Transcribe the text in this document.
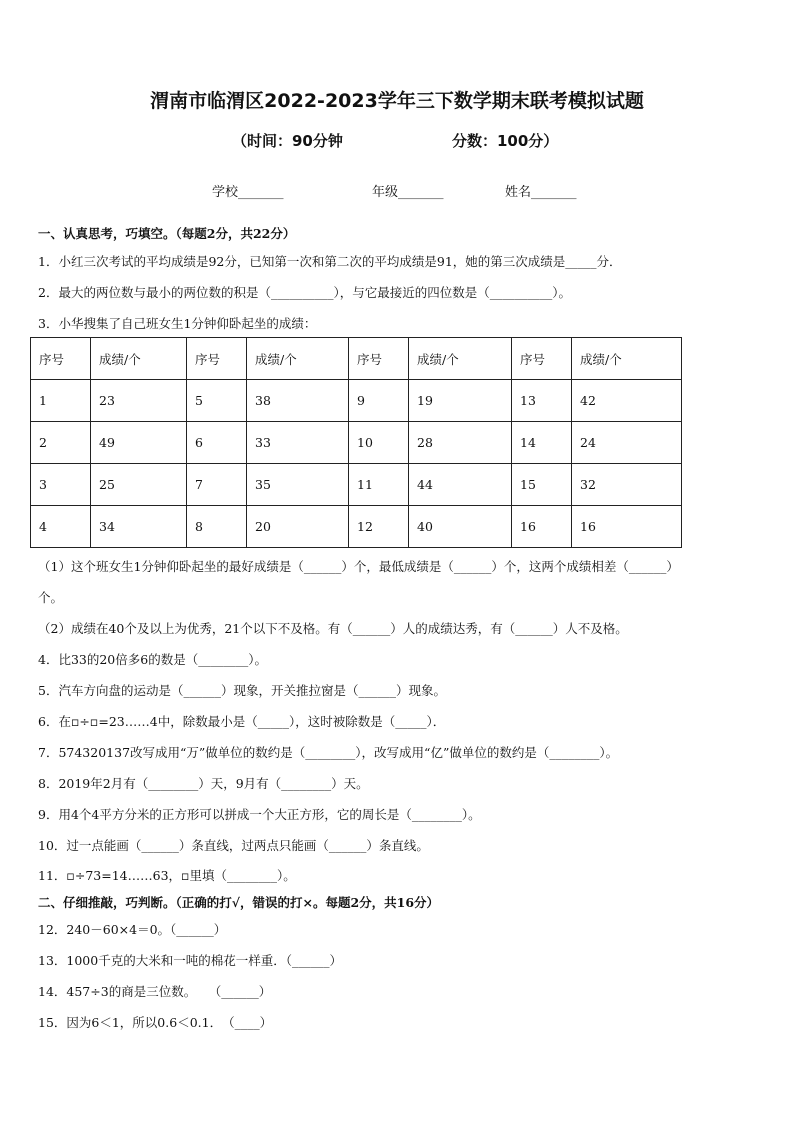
渭南市临渭区2022-2023学年三下数学期末联考模拟试题
（时间：90分钟	分数：100分）
学校_______	年级_______	姓名_______
一、认真思考，巧填空。（每题2分，共22分）
1．小红三次考试的平均成绩是92分，已知第一次和第二次的平均成绩是91，她的第三次成绩是_____分．
2．最大的两位数与最小的两位数的积是（__________），与它最接近的四位数是（__________）。
3．小华搜集了自己班女生1分钟仰卧起坐的成绩：
序号	成绩/个	序号	成绩/个	序号	成绩/个	序号	成绩/个
1	23	5	38	9	19	13	42
2	49	6	33	10	28	14	24
3	25	7	35	11	44	15	32
4	34	8	20	12	40	16	16
（1）这个班女生1分钟仰卧起坐的最好成绩是（______）个，最低成绩是（______）个，这两个成绩相差（______）
个。
（2）成绩在40个及以上为优秀，21个以下不及格。有（______）人的成绩达秀，有（______）人不及格。
4．比33的20倍多6的数是（________）。
5．汽车方向盘的运动是（______）现象，开关推拉窗是（______）现象。
6．在▫÷▫=23……4中，除数最小是（_____），这时被除数是（_____）．
7．574320137改写成用“万”做单位的数约是（________），改写成用“亿”做单位的数约是（________）。
8．2019年2月有（________）天，9月有（________）天。
9．用4个4平方分米的正方形可以拼成一个大正方形，它的周长是（________）。
10．过一点能画（______）条直线，过两点只能画（______）条直线。
11．▫÷73=14……63，▫里填（________）。
二、仔细推敲，巧判断。（正确的打√，错误的打×。每题2分，共16分）
12．240－60×4＝0。（______）
13．1000千克的大米和一吨的棉花一样重．（______）
14．457÷3的商是三位数。　　（______）
15．因为6＜1，所以0.6＜0.1．　（____）
